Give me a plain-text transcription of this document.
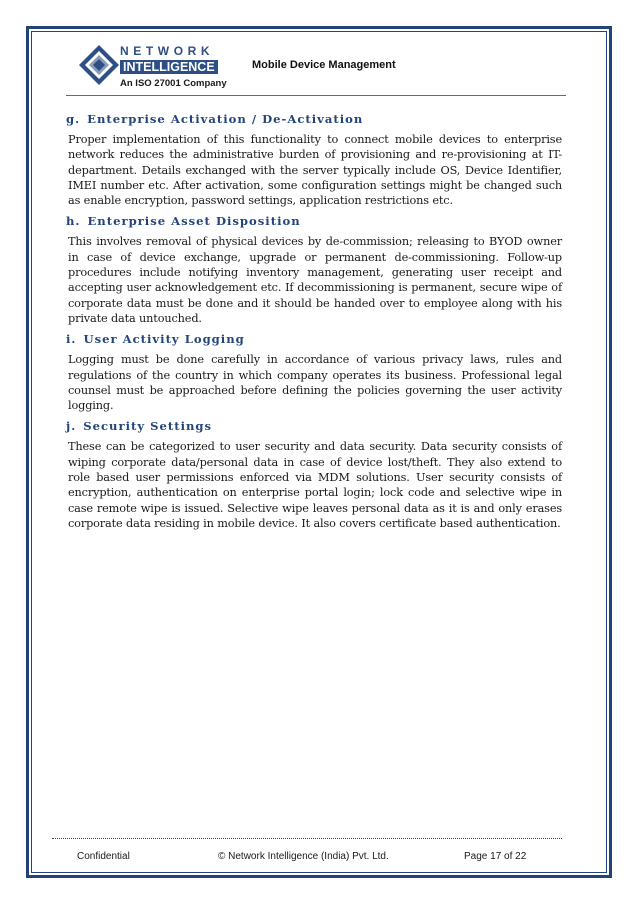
NETWORK
INTELLIGENCE
An ISO 27001 Company
Mobile Device Management
g. Enterprise Activation / De-Activation

Proper implementation of this functionality to connect mobile devices to enterprise network reduces the administrative burden of provisioning and re-provisioning at IT-department. Details exchanged with the server typically include OS, Device Identifier, IMEI number etc. After activation, some configuration settings might be changed such as enable encryption, password settings, application restrictions etc.

h. Enterprise Asset Disposition

This involves removal of physical devices by de-commission; releasing to BYOD owner in case of device exchange, upgrade or permanent de-commissioning. Follow-up procedures include notifying inventory management, generating user receipt and accepting user acknowledgement etc. If decommissioning is permanent, secure wipe of corporate data must be done and it should be handed over to employee along with his private data untouched.

i. User Activity Logging

Logging must be done carefully in accordance of various privacy laws, rules and regulations of the country in which company operates its business. Professional legal counsel must be approached before defining the policies governing the user activity logging.

j. Security Settings

These can be categorized to user security and data security. Data security consists of wiping corporate data/personal data in case of device lost/theft. They also extend to role based user permissions enforced via MDM solutions. User security consists of encryption, authentication on enterprise portal login; lock code and selective wipe in case remote wipe is issued. Selective wipe leaves personal data as it is and only erases corporate data residing in mobile device. It also covers certificate based authentication.

Confidential	© Network Intelligence (India) Pvt. Ltd.	Page 17 of 22
